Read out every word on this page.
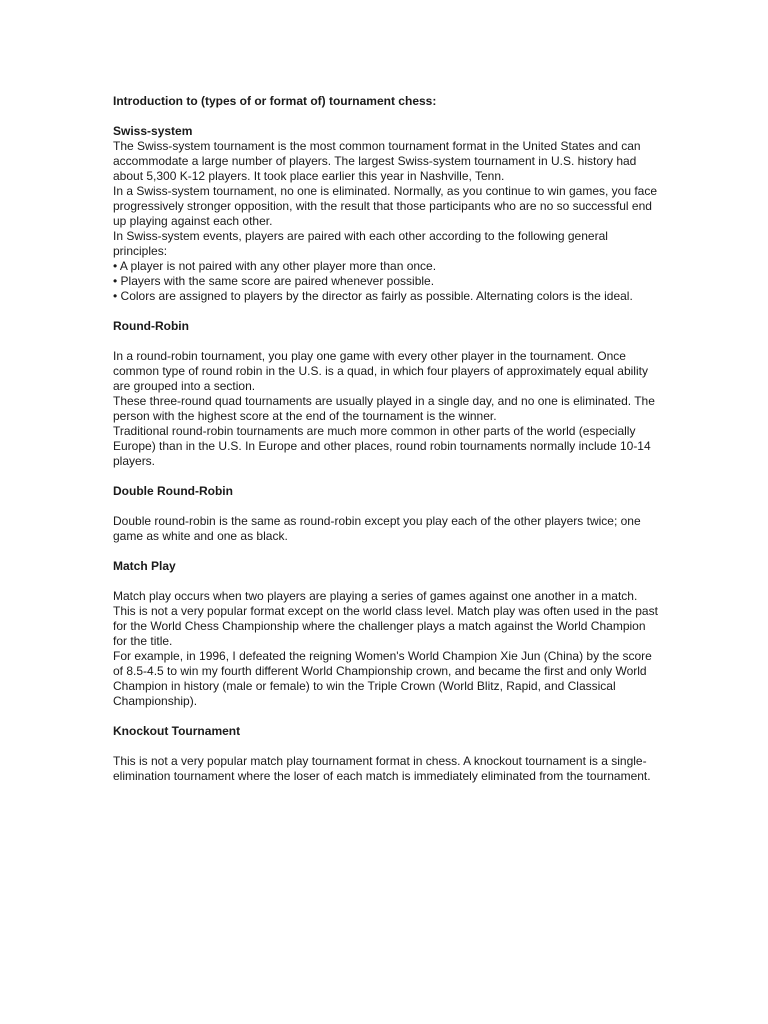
Introduction to (types of or format of) tournament chess:

Swiss-system

The Swiss-system tournament is the most common tournament format in the United States and can accommodate a large number of players. The largest Swiss-system tournament in U.S. history had about 5,300 K-12 players. It took place earlier this year in Nashville, Tenn.

In a Swiss-system tournament, no one is eliminated. Normally, as you continue to win games, you face progressively stronger opposition, with the result that those participants who are no so successful end up playing against each other.

In Swiss-system events, players are paired with each other according to the following general principles:

• A player is not paired with any other player more than once.
• Players with the same score are paired whenever possible.
• Colors are assigned to players by the director as fairly as possible. Alternating colors is the ideal.

Round-Robin

In a round-robin tournament, you play one game with every other player in the tournament. Once common type of round robin in the U.S. is a quad, in which four players of approximately equal ability are grouped into a section.

These three-round quad tournaments are usually played in a single day, and no one is eliminated. The person with the highest score at the end of the tournament is the winner.

Traditional round-robin tournaments are much more common in other parts of the world (especially Europe) than in the U.S. In Europe and other places, round robin tournaments normally include 10-14 players.

Double Round-Robin

Double round-robin is the same as round-robin except you play each of the other players twice; one game as white and one as black.

Match Play

Match play occurs when two players are playing a series of games against one another in a match. This is not a very popular format except on the world class level. Match play was often used in the past for the World Chess Championship where the challenger plays a match against the World Champion for the title.

For example, in 1996, I defeated the reigning Women's World Champion Xie Jun (China) by the score of 8.5-4.5 to win my fourth different World Championship crown, and became the first and only World Champion in history (male or female) to win the Triple Crown (World Blitz, Rapid, and Classical Championship).

Knockout Tournament

This is not a very popular match play tournament format in chess. A knockout tournament is a single-elimination tournament where the loser of each match is immediately eliminated from the tournament.
